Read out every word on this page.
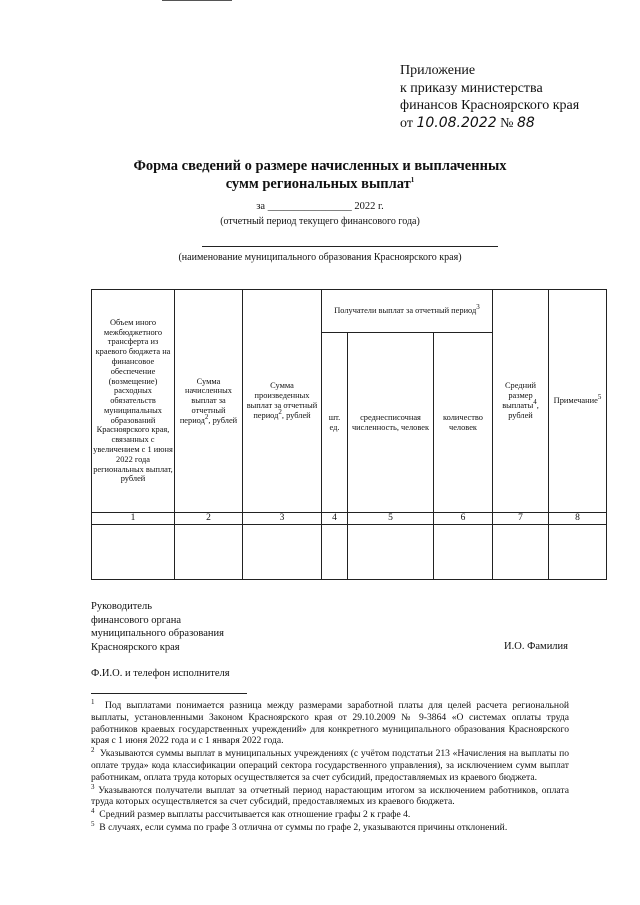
Приложение
к приказу министерства
финансов Красноярского края
от 10.08.2022 № 88
Форма сведений о размере начисленных и выплаченных
сумм региональных выплат$^1$
за ________________ 2022 г.
(отчетный период текущего финансового года)
(наименование муниципального образования Красноярского края)
Объем иного межбюджетного трансферта из краевого бюджета на финансовое обеспечение (возмещение) расходных обязательств муниципальных образований Красноярского края, связанных с увеличением с 1 июня 2022 года региональных выплат, рублей	Сумма начисленных выплат за отчетный период$^2$, рублей	Сумма произведенных выплат за отчетный период$^2$, рублей	Получатели выплат за отчетный период$^3$			Средний размер выплаты$^4$, рублей	Примечание$^5$
			шт. ед.	среднесписочная численность, человек	количество человек		
1	2	3	4	5	6	7	8

Руководитель
финансового органа
муниципального образования
Красноярского края	И.О. Фамилия
Ф.И.О. и телефон исполнителя

$^1$ Под выплатами понимается разница между размерами заработной платы для целей расчета региональной выплаты, установленными Законом Красноярского края от 29.10.2009 № 9-3864 «О системах оплаты труда работников краевых государственных учреждений» для конкретного муниципального образования Красноярского края с 1 июня 2022 года и с 1 января 2022 года.

$^2$ Указываются суммы выплат в муниципальных учреждениях (с учётом подстатьи 213 «Начисления на выплаты по оплате труда» кода классификации операций сектора государственного управления), за исключением сумм выплат работникам, оплата труда которых осуществляется за счет субсидий, предоставляемых из краевого бюджета.

$^3$ Указываются получатели выплат за отчетный период нарастающим итогом за исключением работников, оплата труда которых осуществляется за счет субсидий, предоставляемых из краевого бюджета.

$^4$ Средний размер выплаты рассчитывается как отношение графы 2 к графе 4.

$^5$ В случаях, если сумма по графе 3 отлична от суммы по графе 2, указываются причины отклонений.
